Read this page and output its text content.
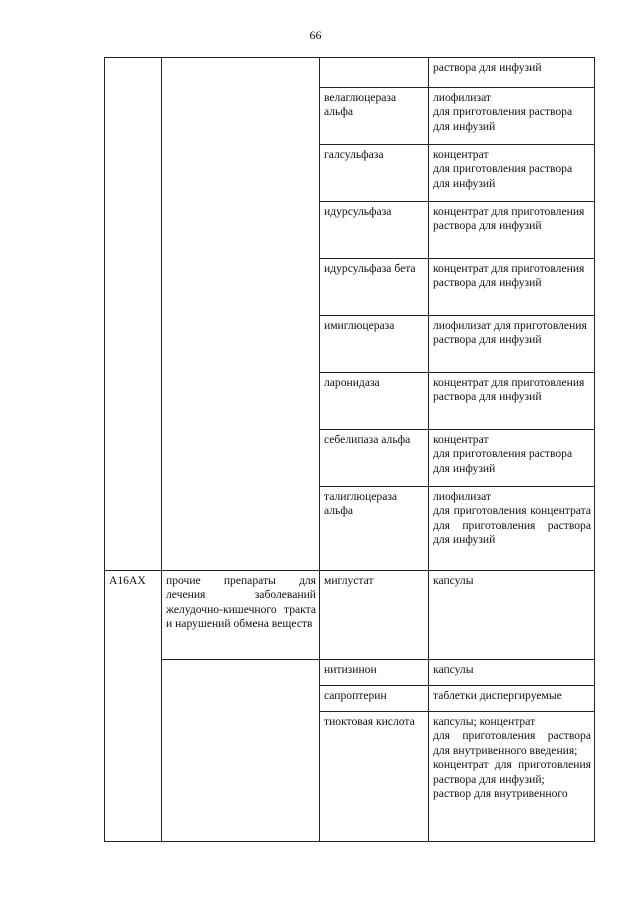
66
			раствора для инфузий
		велаглюцераза альфа	лиофилизат
для приготовления раствора для инфузий
		галсульфаза	концентрат
для приготовления раствора для инфузий
		идурсульфаза	концентрат для приготовления раствора для инфузий
		идурсульфаза бета	концентрат для приготовления раствора для инфузий
		имиглюцераза	лиофилизат для приготовления раствора для инфузий
		ларонидаза	концентрат для приготовления раствора для инфузий
		себелипаза альфа	концентрат
для приготовления раствора для инфузий
		талиглюцераза альфа	лиофилизат
для приготовления концентрата для приготовления раствора для инфузий
A16AX	прочие препараты для лечения заболеваний желудочно-кишечного тракта и нарушений обмена веществ	миглустат	капсулы
		нитизинон	капсулы
		сапроптерин	таблетки диспергируемые
		тиоктовая кислота	капсулы; концентрат
для приготовления раствора для внутривенного введения;
концентрат для приготовления раствора для инфузий;
раствор для внутривенного
